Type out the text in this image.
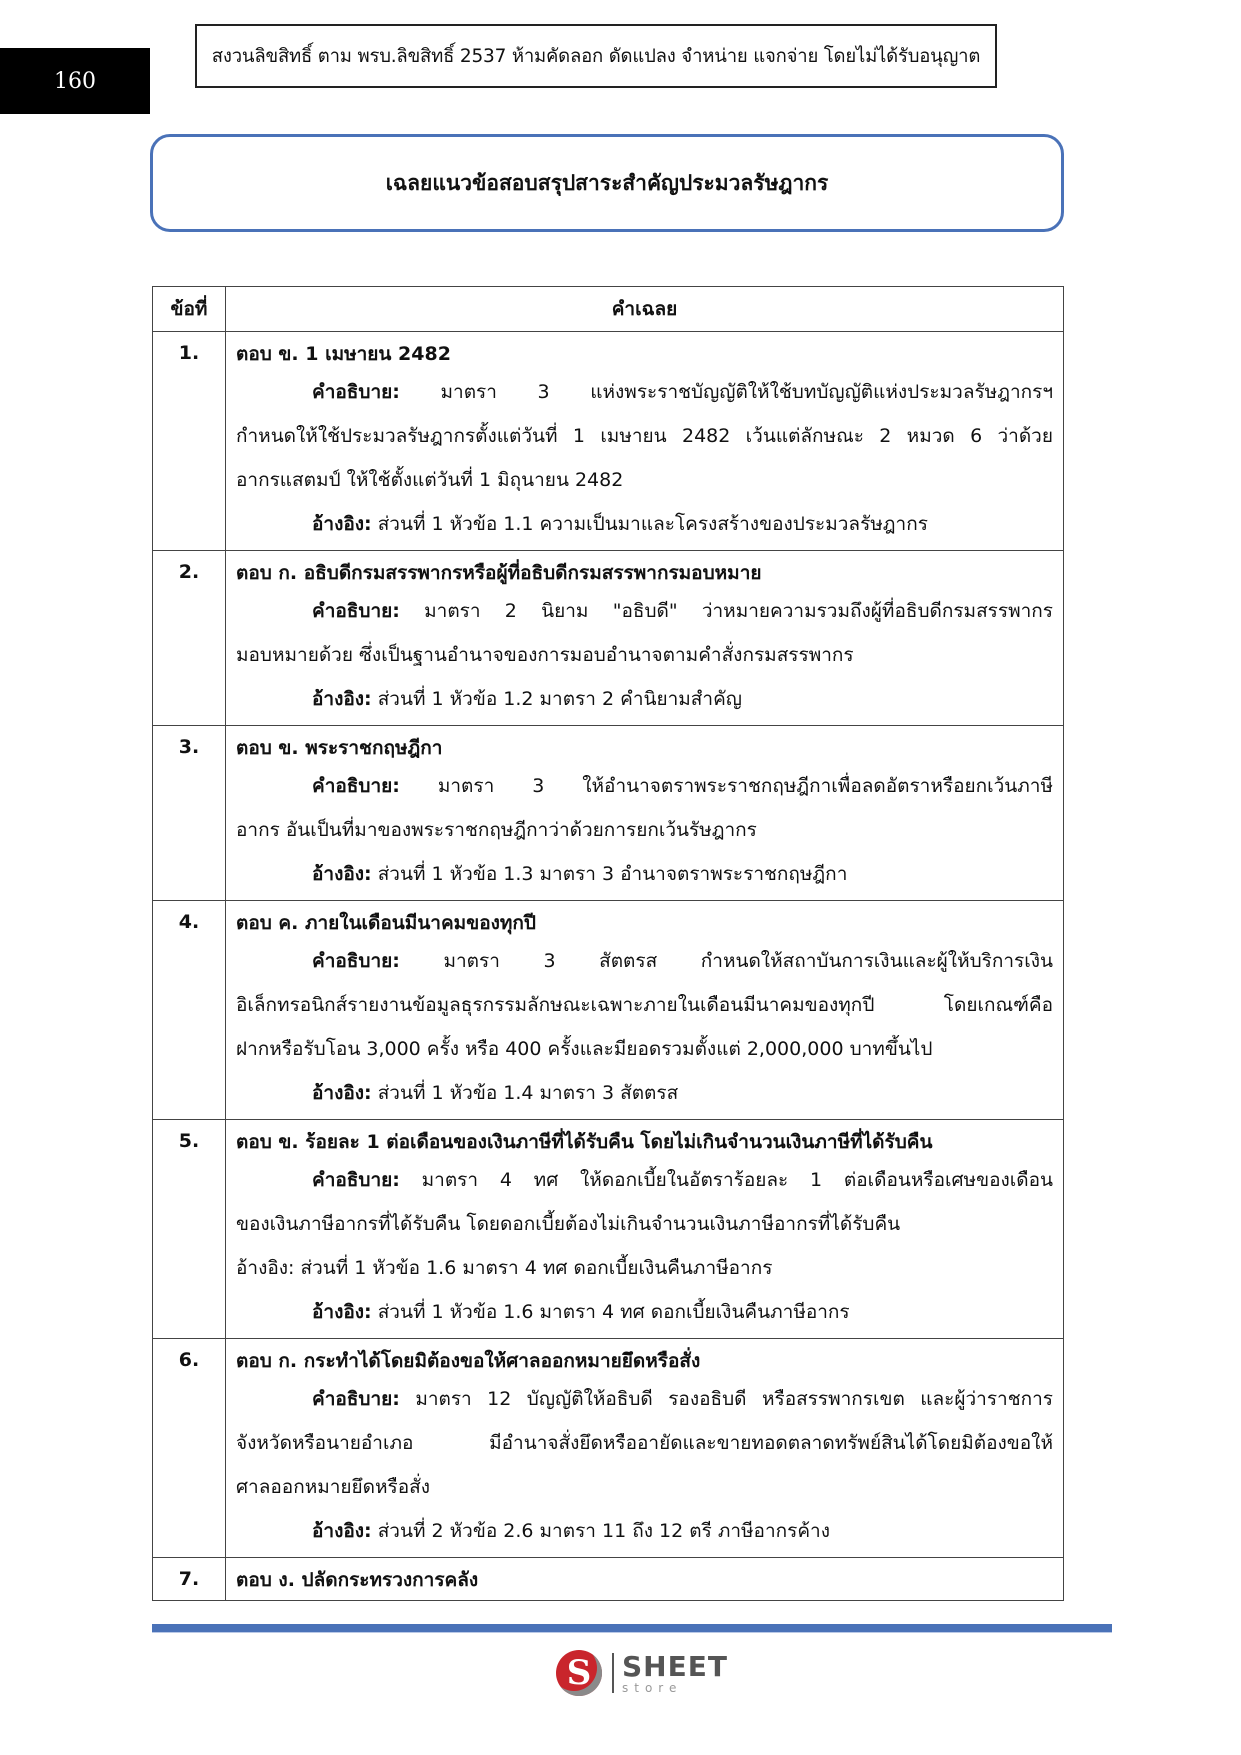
160
สงวนลิขสิทธิ์ ตาม พรบ.ลิขสิทธิ์ 2537 ห้ามคัดลอก ดัดแปลง จำหน่าย แจกจ่าย โดยไม่ได้รับอนุญาต
เฉลยแนวข้อสอบสรุปสาระสำคัญประมวลรัษฎากร
ข้อที่	คำเฉลย
1.	ตอบ ข. 1 เมษายน 2482
คำอธิบาย: มาตรา 3 แห่งพระราชบัญญัติให้ใช้บทบัญญัติแห่งประมวลรัษฎากรฯ
กำหนดให้ใช้ประมวลรัษฎากรตั้งแต่วันที่ 1 เมษายน 2482 เว้นแต่ลักษณะ 2 หมวด 6 ว่าด้วย
อากรแสตมป์ ให้ใช้ตั้งแต่วันที่ 1 มิถุนายน 2482
อ้างอิง: ส่วนที่ 1 หัวข้อ 1.1 ความเป็นมาและโครงสร้างของประมวลรัษฎากร

2.	ตอบ ก. อธิบดีกรมสรรพากรหรือผู้ที่อธิบดีกรมสรรพากรมอบหมาย
คำอธิบาย: มาตรา 2 นิยาม "อธิบดี" ว่าหมายความรวมถึงผู้ที่อธิบดีกรมสรรพากร
มอบหมายด้วย ซึ่งเป็นฐานอำนาจของการมอบอำนาจตามคำสั่งกรมสรรพากร
อ้างอิง: ส่วนที่ 1 หัวข้อ 1.2 มาตรา 2 คำนิยามสำคัญ

3.	ตอบ ข. พระราชกฤษฎีกา
คำอธิบาย: มาตรา 3 ให้อำนาจตราพระราชกฤษฎีกาเพื่อลดอัตราหรือยกเว้นภาษี
อากร อันเป็นที่มาของพระราชกฤษฎีกาว่าด้วยการยกเว้นรัษฎากร
อ้างอิง: ส่วนที่ 1 หัวข้อ 1.3 มาตรา 3 อำนาจตราพระราชกฤษฎีกา

4.	ตอบ ค. ภายในเดือนมีนาคมของทุกปี
คำอธิบาย: มาตรา 3 สัตตรส กำหนดให้สถาบันการเงินและผู้ให้บริการเงิน
อิเล็กทรอนิกส์รายงานข้อมูลธุรกรรมลักษณะเฉพาะภายในเดือนมีนาคมของทุกปี โดยเกณฑ์คือ
ฝากหรือรับโอน 3,000 ครั้ง หรือ 400 ครั้งและมียอดรวมตั้งแต่ 2,000,000 บาทขึ้นไป
อ้างอิง: ส่วนที่ 1 หัวข้อ 1.4 มาตรา 3 สัตตรส

5.	ตอบ ข. ร้อยละ 1 ต่อเดือนของเงินภาษีที่ได้รับคืน โดยไม่เกินจำนวนเงินภาษีที่ได้รับคืน
คำอธิบาย: มาตรา 4 ทศ ให้ดอกเบี้ยในอัตราร้อยละ 1 ต่อเดือนหรือเศษของเดือน
ของเงินภาษีอากรที่ได้รับคืน โดยดอกเบี้ยต้องไม่เกินจำนวนเงินภาษีอากรที่ได้รับคืน
อ้างอิง: ส่วนที่ 1 หัวข้อ 1.6 มาตรา 4 ทศ ดอกเบี้ยเงินคืนภาษีอากร
อ้างอิง: ส่วนที่ 1 หัวข้อ 1.6 มาตรา 4 ทศ ดอกเบี้ยเงินคืนภาษีอากร

6.	ตอบ ก. กระทำได้โดยมิต้องขอให้ศาลออกหมายยึดหรือสั่ง
คำอธิบาย: มาตรา 12 บัญญัติให้อธิบดี รองอธิบดี หรือสรรพากรเขต และผู้ว่าราชการ
จังหวัดหรือนายอำเภอ มีอำนาจสั่งยึดหรืออายัดและขายทอดตลาดทรัพย์สินได้โดยมิต้องขอให้
ศาลออกหมายยึดหรือสั่ง
อ้างอิง: ส่วนที่ 2 หัวข้อ 2.6 มาตรา 11 ถึง 12 ตรี ภาษีอากรค้าง

7.	ตอบ ง. ปลัดกระทรวงการคลัง
S	SHEET
store
